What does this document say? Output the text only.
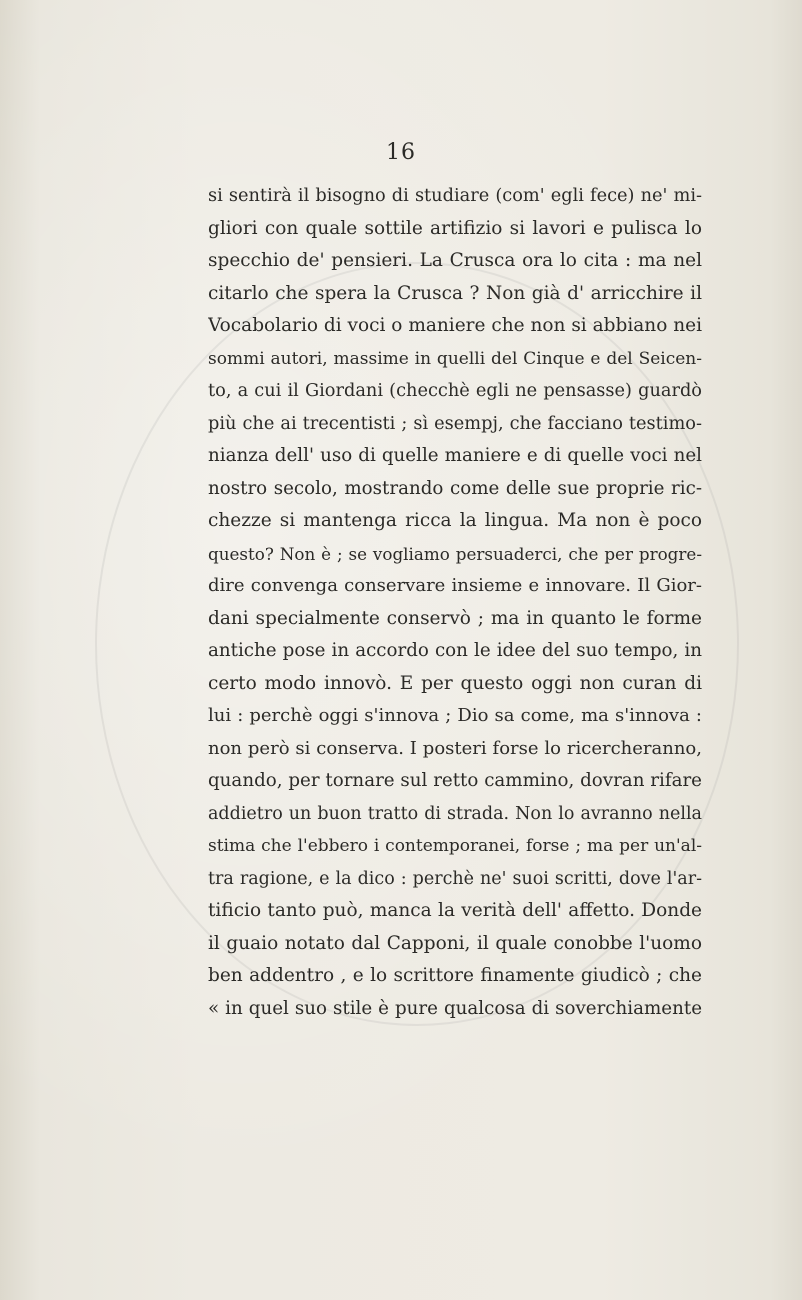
16
si sentirà il bisogno di studiare (com' egli fece) ne' mi-
gliori con quale sottile artifizio si lavori e pulisca lo
specchio de' pensieri. La Crusca ora lo cita : ma nel
citarlo che spera la Crusca ? Non già d' arricchire il
Vocabolario di voci o maniere che non si abbiano nei
sommi autori, massime in quelli del Cinque e del Seicen-
to, a cui il Giordani (checchè egli ne pensasse) guardò
più che ai trecentisti ; sì esempj, che facciano testimo-
nianza dell' uso di quelle maniere e di quelle voci nel
nostro secolo, mostrando come delle sue proprie ric-
chezze si mantenga ricca la lingua. Ma non è poco
questo? Non è ; se vogliamo persuaderci, che per progre-
dire convenga conservare insieme e innovare. Il Gior-
dani specialmente conservò ; ma in quanto le forme
antiche pose in accordo con le idee del suo tempo, in
certo modo innovò. E per questo oggi non curan di
lui : perchè oggi s'innova ; Dio sa come, ma s'innova :
non però si conserva. I posteri forse lo ricercheranno,
quando, per tornare sul retto cammino, dovran rifare
addietro un buon tratto di strada. Non lo avranno nella
stima che l'ebbero i contemporanei, forse ; ma per un'al-
tra ragione, e la dico : perchè ne' suoi scritti, dove l'ar-
tificio tanto può, manca la verità dell' affetto. Donde
il guaio notato dal Capponi, il quale conobbe l'uomo
ben addentro , e lo scrittore finamente giudicò ; che
« in quel suo stile è pure qualcosa di soverchiamente
